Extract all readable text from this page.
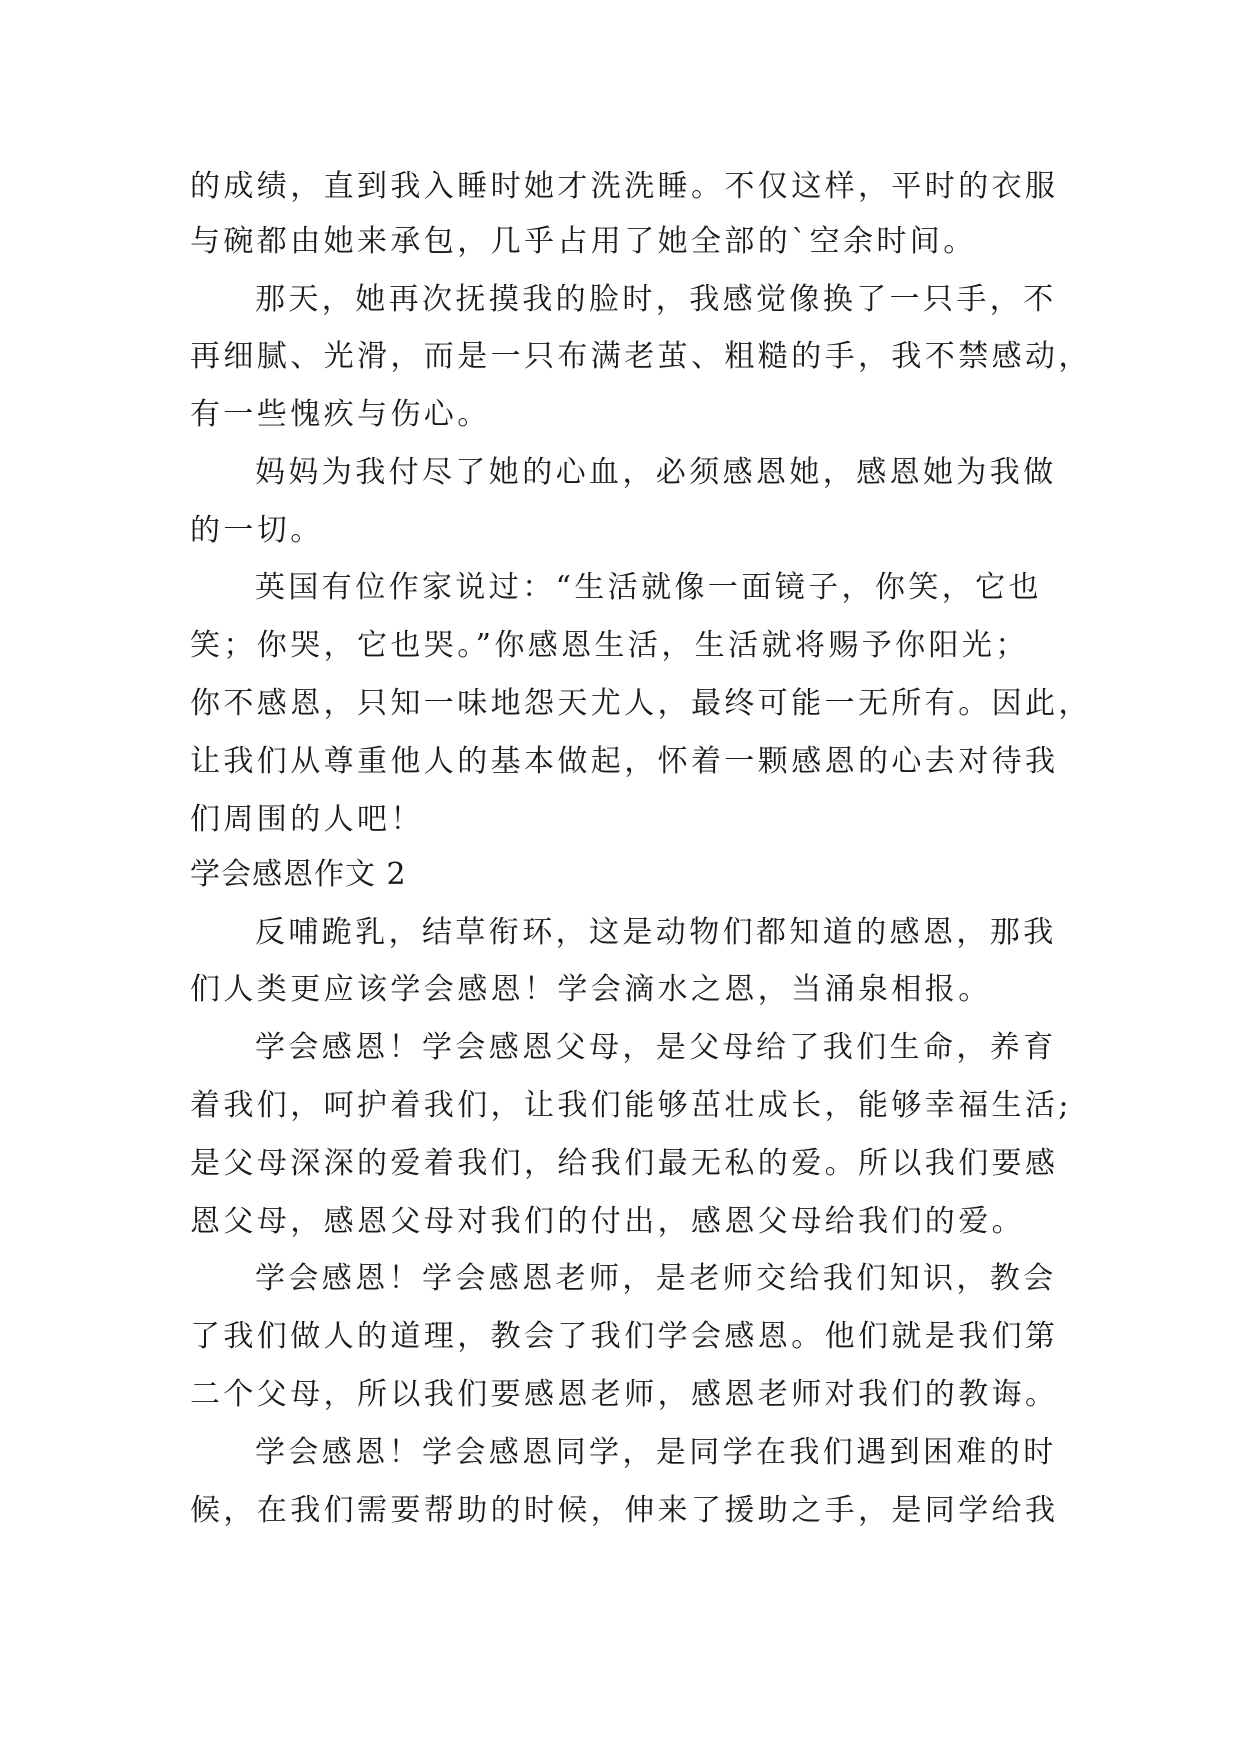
的成绩，直到我入睡时她才洗洗睡。不仅这样，平时的衣服
与碗都由她来承包，几乎占用了她全部的`空余时间。
那天，她再次抚摸我的脸时，我感觉像换了一只手，不
再细腻、光滑，而是一只布满老茧、粗糙的手，我不禁感动，
有一些愧疚与伤心。
妈妈为我付尽了她的心血，必须感恩她，感恩她为我做
的一切。
英国有位作家说过：“生活就像一面镜子，你笑，它也
笑；你哭，它也哭。”你感恩生活，生活就将赐予你阳光；
你不感恩，只知一味地怨天尤人，最终可能一无所有。因此，
让我们从尊重他人的基本做起，怀着一颗感恩的心去对待我
们周围的人吧！
学会感恩作文 2
反哺跪乳，结草衔环，这是动物们都知道的感恩，那我
们人类更应该学会感恩！学会滴水之恩，当涌泉相报。
学会感恩！学会感恩父母，是父母给了我们生命，养育
着我们，呵护着我们，让我们能够茁壮成长，能够幸福生活;
是父母深深的爱着我们，给我们最无私的爱。所以我们要感
恩父母，感恩父母对我们的付出，感恩父母给我们的爱。
学会感恩！学会感恩老师，是老师交给我们知识，教会
了我们做人的道理，教会了我们学会感恩。他们就是我们第
二个父母，所以我们要感恩老师，感恩老师对我们的教诲。
学会感恩！学会感恩同学，是同学在我们遇到困难的时
候，在我们需要帮助的时候，伸来了援助之手，是同学给我
